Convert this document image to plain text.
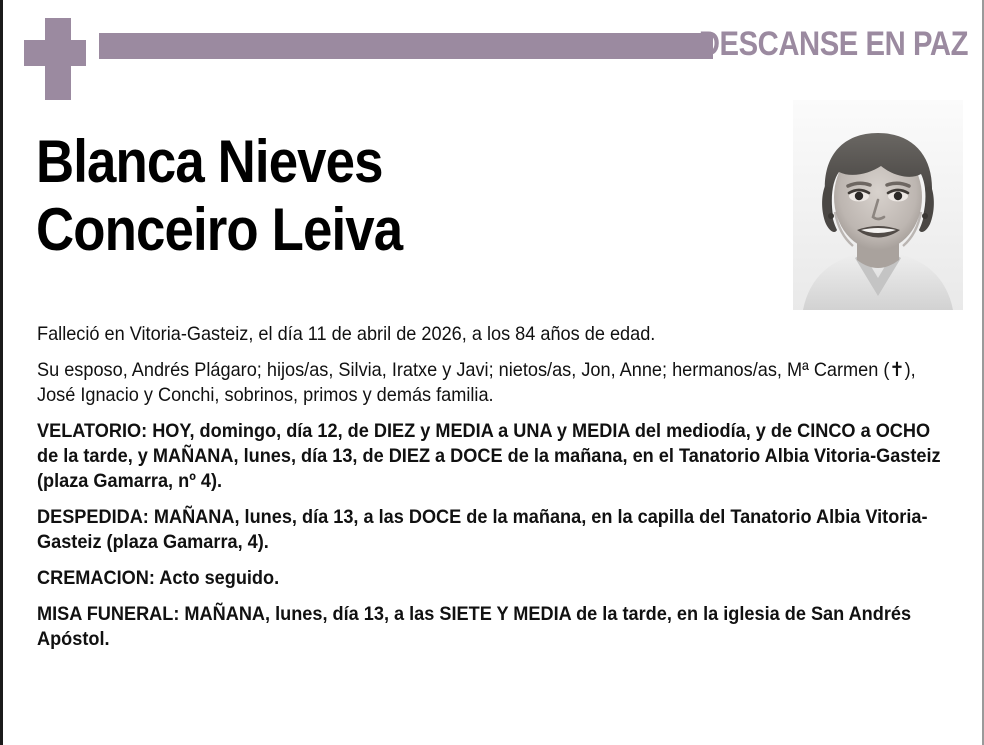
DESCANSE EN PAZ
Blanca Nieves
Conceiro Leiva

Falleció en Vitoria-Gasteiz, el día 11 de abril de 2026, a los 84 años de edad.

Su esposo, Andrés Plágaro; hijos/as, Silvia, Iratxe y Javi; nietos/as, Jon, Anne; hermanos/as, Mª Carmen (✝), José Ignacio y Conchi, sobrinos, primos y demás familia.

VELATORIO: HOY, domingo, día 12, de DIEZ y MEDIA a UNA y MEDIA del mediodía, y de CINCO a OCHO de la tarde, y MAÑANA, lunes, día 13, de DIEZ a DOCE de la mañana, en el Tanatorio Albia Vitoria-Gasteiz (plaza Gamarra, nº 4).

DESPEDIDA: MAÑANA, lunes, día 13, a las DOCE de la mañana, en la capilla del Tanatorio Albia Vitoria-Gasteiz (plaza Gamarra, 4).

CREMACION: Acto seguido.

MISA FUNERAL: MAÑANA, lunes, día 13, a las SIETE Y MEDIA de la tarde, en la iglesia de San Andrés Apóstol.
